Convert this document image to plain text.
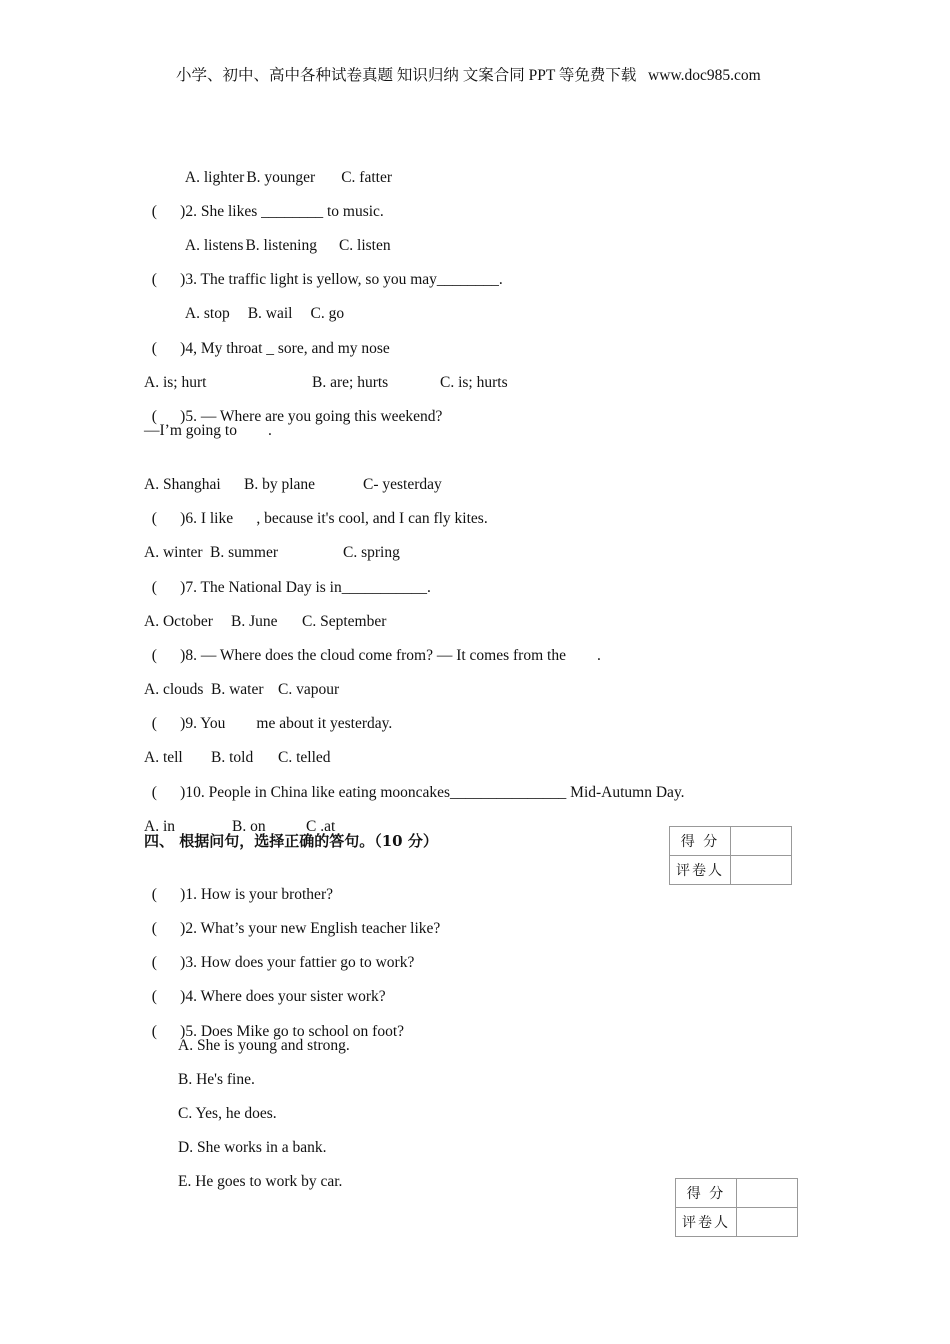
小学、初中、高中各种试卷真题 知识归纳 文案合同 PPT 等免费下载   www.doc985.com

A. lighter B. younger C. fatter

(      )2. She likes ________ to music.

A. listens B. listening C. listen

(      )3. The traffic light is yellow, so you may________.

A. stop B. wail C. go

(      )4, My throat _ sore, and my nose

A. is; hurt	B. are; hurts	C. is; hurts

(      )5. — Where are you going this weekend?

—I’m going to        .

A. Shanghai B. by plane	C- yesterday

(      )6. I like      , because it's cool, and I can fly kites.

A. winter B. summer	C. spring

(      )7. The National Day is in___________.

A. October B. June C. September

(      )8. — Where does the cloud come from? — It comes from the        .

A. clouds B. water C. vapour

(      )9. You        me about it yesterday.

A. tell B. told C. telled

(      )10. People in China like eating mooncakes_______________ Mid-Autumn Day.

A. in	B. on	C .at

四、 根据问句，选择正确的答句。（10 分）	得 分	
评卷人	

(      )1. How is your brother?

(      )2. What’s your new English teacher like?

(      )3. How does your fattier go to work?

(      )4. Where does your sister work?

(      )5. Does Mike go to school on foot?

A. She is young and strong.
B. He's fine.
C. Yes, he does.
D. She works in a bank.
E. He goes to work by car.
得 分	
评卷人	
